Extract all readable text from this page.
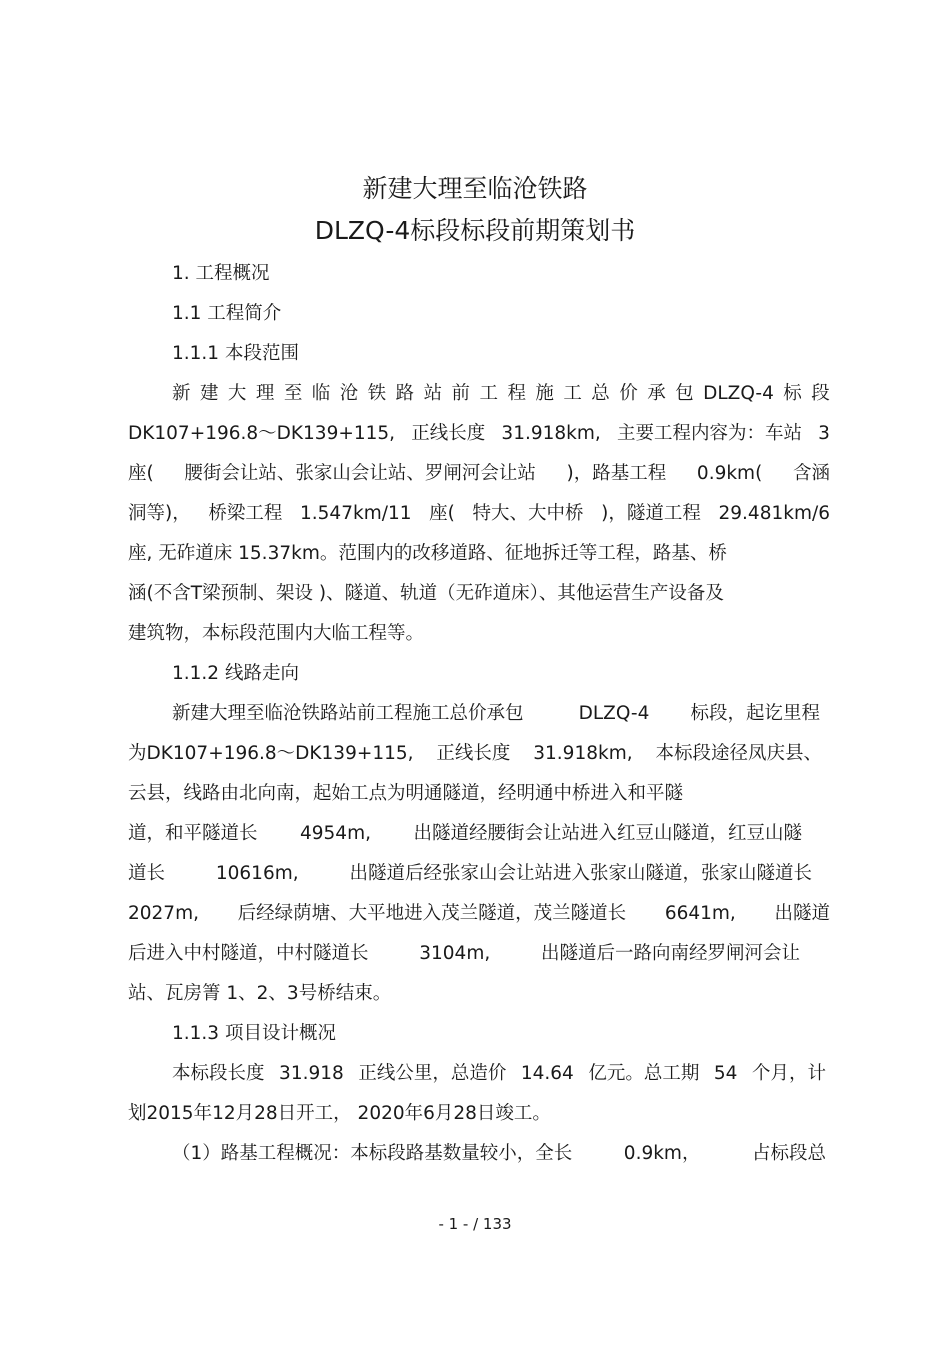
新建大理至临沧铁路
DLZQ-4标段标段前期策划书
1. 工程概况
1.1 工程简介
1.1.1 本段范围
新 建 大 理 至 临 沧 铁 路 站 前 工 程 施 工 总 价 承 包 DLZQ-4 标 段
DK107+196.8～DK139+115, 正线长度 31.918km, 主要工程内容为：车站 3
座( 腰街会让站、张家山会让站、罗闸河会让站 )，路基工程 0.9km( 含涵
洞等)， 桥梁工程 1.547km/11 座( 特大、大中桥 )，隧道工程 29.481km/6
座, 无砟道床 15.37km。范围内的改移道路、征地拆迁等工程，路基、桥
涵(不含T梁预制、架设 )、隧道、轨道（无砟道床）、其他运营生产设备及
建筑物，本标段范围内大临工程等。
1.1.2 线路走向
新建大理至临沧铁路站前工程施工总价承包	DLZQ-4 标段，起讫里程
为DK107+196.8～DK139+115, 正线长度 31.918km, 本标段途径凤庆县、
云县，线路由北向南，起始工点为明通隧道，经明通中桥进入和平隧
道，和平隧道长 4954m, 出隧道经腰街会让站进入红豆山隧道，红豆山隧
道长	10616m,	出隧道后经张家山会让站进入张家山隧道，张家山隧道长
2027m, 后经绿荫塘、大平地进入茂兰隧道，茂兰隧道长 6641m, 出隧道
后进入中村隧道，中村隧道长	3104m,	出隧道后一路向南经罗闸河会让
站、瓦房箐 1、2、3号桥结束。
1.1.3 项目设计概况
本标段长度 31.918 正线公里，总造价 14.64 亿元。总工期 54 个月，计
划2015年12月28日开工， 2020年6月28日竣工。
（1）路基工程概况：本标段路基数量较小，全长	0.9km，	占标段总
- 1 - / 133
